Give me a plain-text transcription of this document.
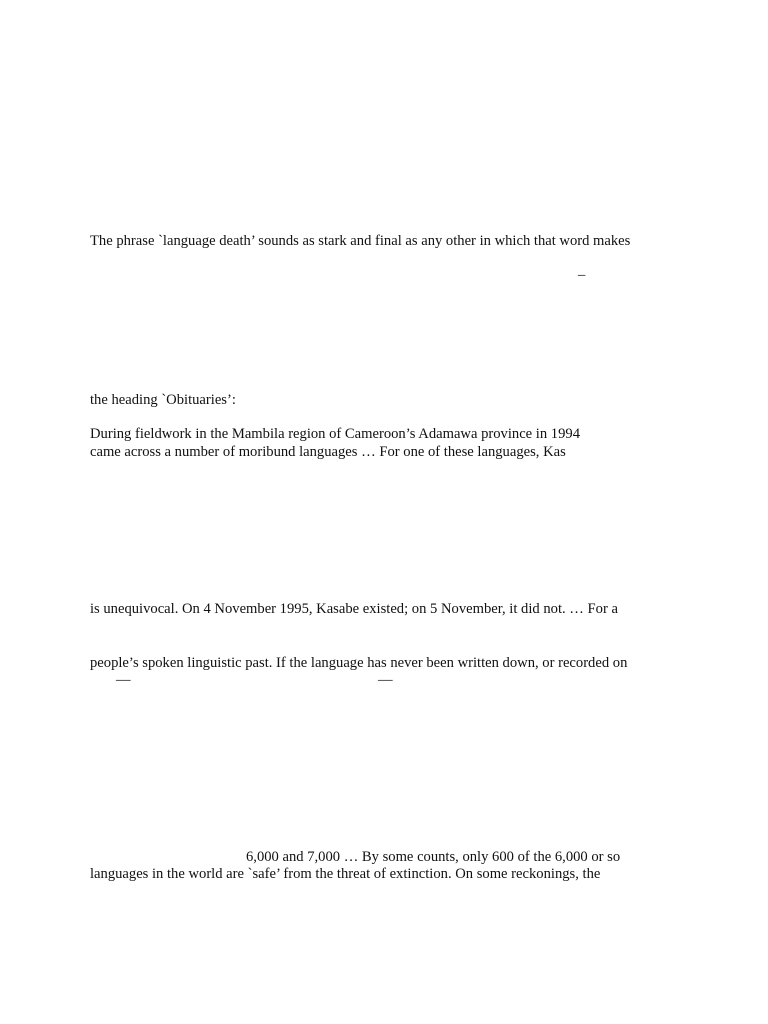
The phrase `language death’ sounds as stark and final as any other in which that word makes
–
the heading `Obituaries’:
During fieldwork in the Mambila region of Cameroon’s Adamawa province in 1994
came across a number of moribund languages … For one of these languages, Kas
is unequivocal. On 4 November 1995, Kasabe existed; on 5 November, it did not. … For a
people’s spoken linguistic past. If the language has never been written down, or recorded on
—	—
6,000 and 7,000 … By some counts, only 600 of the 6,000 or so
languages in the world are `safe’ from the threat of extinction. On some reckonings, the
